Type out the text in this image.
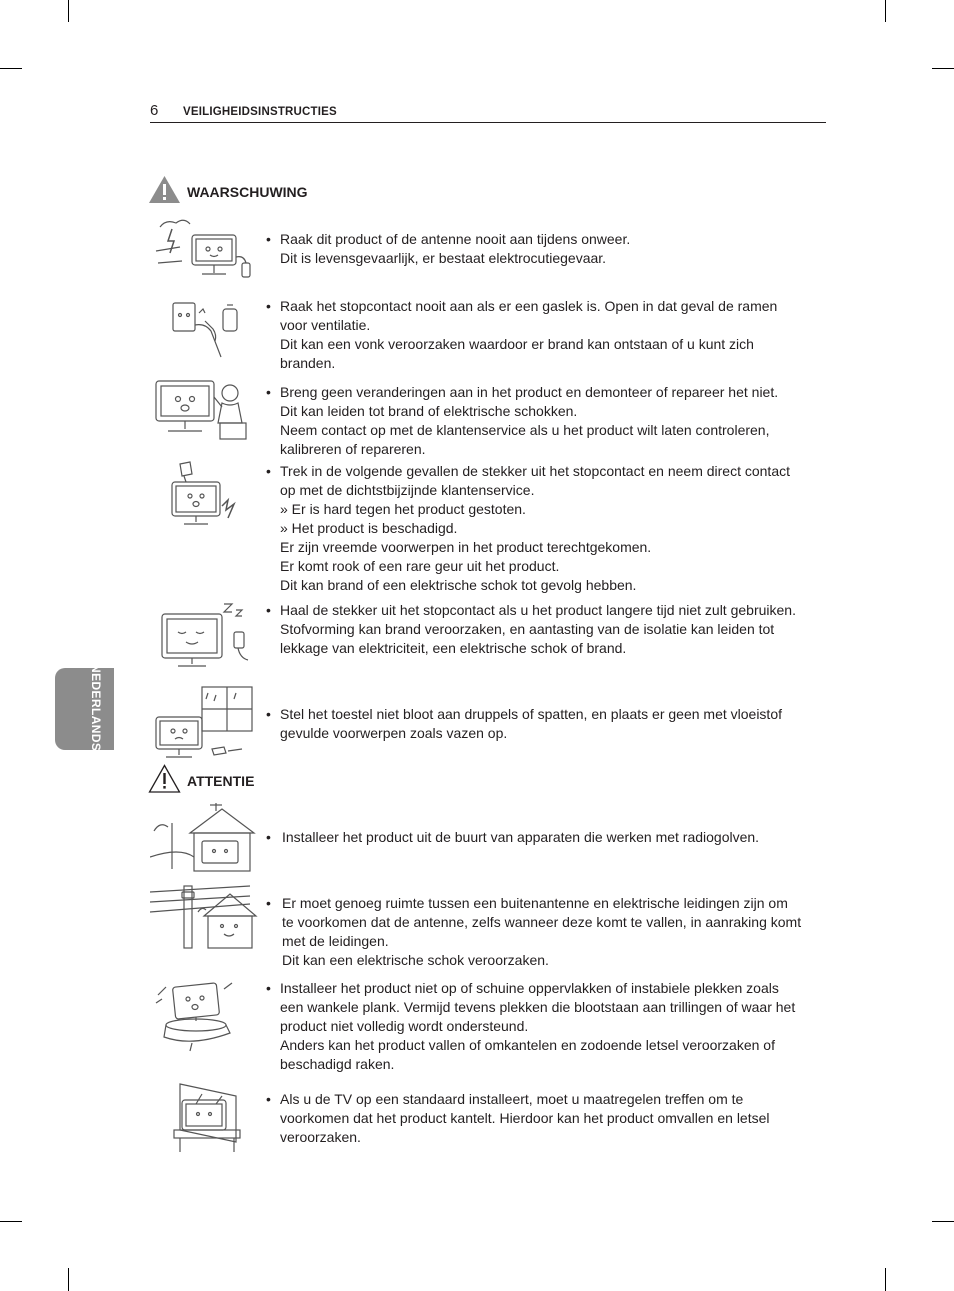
6 VEILIGHEIDSINSTRUCTIES
NEDERLANDS
WAARSCHUWING
• Raak dit product of de antenne nooit aan tijdens onweer.
Dit is levensgevaarlijk, er bestaat elektrocutiegevaar.
• Raak het stopcontact nooit aan als er een gaslek is. Open in dat geval de ramen
voor ventilatie.
Dit kan een vonk veroorzaken waardoor er brand kan ontstaan of u kunt zich
branden.
• Breng geen veranderingen aan in het product en demonteer of repareer het niet.
Dit kan leiden tot brand of elektrische schokken.
Neem contact op met de klantenservice als u het product wilt laten controleren,
kalibreren of repareren.
• Trek in de volgende gevallen de stekker uit het stopcontact en neem direct contact
op met de dichtstbijzijnde klantenservice.
» Er is hard tegen het product gestoten.
» Het product is beschadigd.
Er zijn vreemde voorwerpen in het product terechtgekomen.
Er komt rook of een rare geur uit het product.
Dit kan brand of een elektrische schok tot gevolg hebben.
• Haal de stekker uit het stopcontact als u het product langere tijd niet zult gebruiken.
Stofvorming kan brand veroorzaken, en aantasting van de isolatie kan leiden tot
lekkage van elektriciteit, een elektrische schok of brand.
• Stel het toestel niet bloot aan druppels of spatten, en plaats er geen met vloeistof
gevulde voorwerpen zoals vazen op.
ATTENTIE
• Installeer het product uit de buurt van apparaten die werken met radiogolven.
• Er moet genoeg ruimte tussen een buitenantenne en elektrische leidingen zijn om
te voorkomen dat de antenne, zelfs wanneer deze komt te vallen, in aanraking komt
met de leidingen.
Dit kan een elektrische schok veroorzaken.
• Installeer het product niet op of schuine oppervlakken of instabiele plekken zoals
een wankele plank. Vermijd tevens plekken die blootstaan aan trillingen of waar het
product niet volledig wordt ondersteund.
Anders kan het product vallen of omkantelen en zodoende letsel veroorzaken of
beschadigd raken.
• Als u de TV op een standaard installeert, moet u maatregelen treffen om te
voorkomen dat het product kantelt. Hierdoor kan het product omvallen en letsel
veroorzaken.
